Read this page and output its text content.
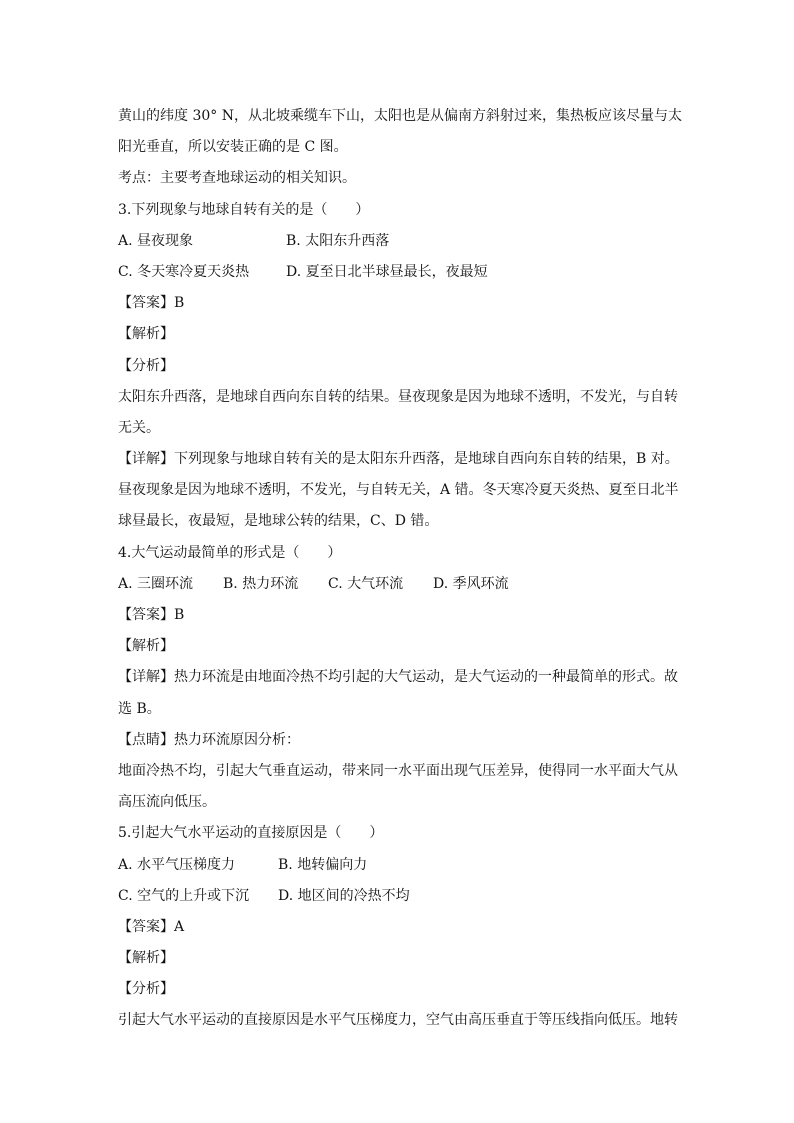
黄山的纬度 30° N，从北坡乘缆车下山，太阳也是从偏南方斜射过来，集热板应该尽量与太
阳光垂直，所以安装正确的是 C 图。
考点：主要考查地球运动的相关知识。
3.下列现象与地球自转有关的是（　　）
A. 昼夜现象	B. 太阳东升西落
C. 冬天寒冷夏天炎热	D. 夏至日北半球昼最长，夜最短
【答案】B
【解析】
【分析】
太阳东升西落，是地球自西向东自转的结果。昼夜现象是因为地球不透明，不发光，与自转
无关。
【详解】下列现象与地球自转有关的是太阳东升西落，是地球自西向东自转的结果，B 对。
昼夜现象是因为地球不透明，不发光，与自转无关，A 错。冬天寒冷夏天炎热、夏至日北半
球昼最长，夜最短，是地球公转的结果，C、D 错。
4.大气运动最简单的形式是（　　）
A. 三圈环流 B. 热力环流 C. 大气环流 D. 季风环流
【答案】B
【解析】
【详解】热力环流是由地面冷热不均引起的大气运动，是大气运动的一种最简单的形式。故
选 B。
【点睛】热力环流原因分析：
地面冷热不均，引起大气垂直运动，带来同一水平面出现气压差异，使得同一水平面大气从
高压流向低压。
5.引起大气水平运动的直接原因是（　　）
A. 水平气压梯度力	B. 地转偏向力
C. 空气的上升或下沉 D. 地区间的冷热不均
【答案】A
【解析】
【分析】
引起大气水平运动的直接原因是水平气压梯度力，空气由高压垂直于等压线指向低压。地转
